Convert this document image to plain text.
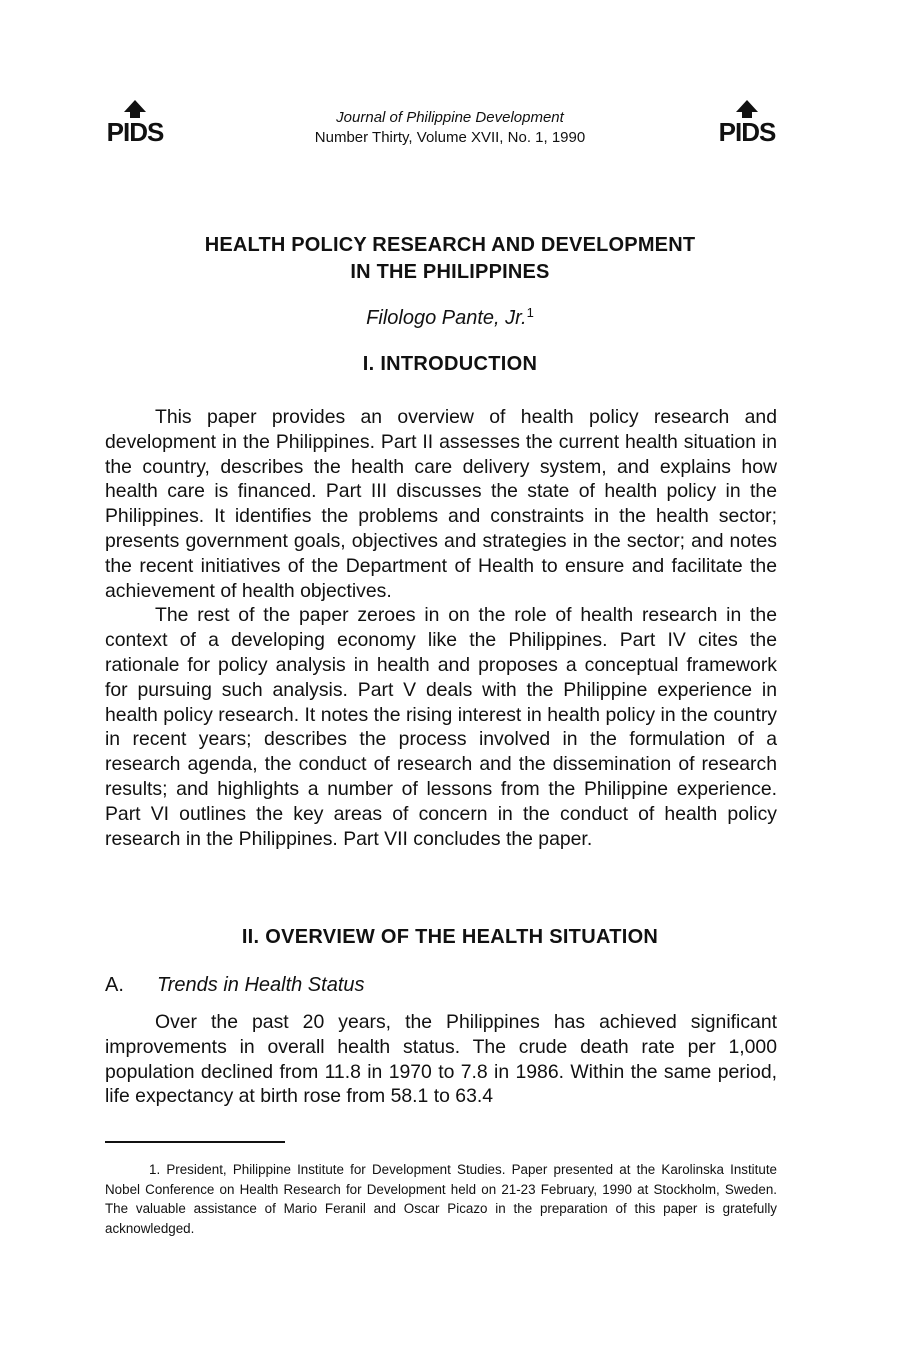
PIDS	Journal of Philippine Development
Number Thirty, Volume XVII, No. 1, 1990	PIDS
HEALTH POLICY RESEARCH AND DEVELOPMENT
IN THE PHILIPPINES
Filologo Pante, Jr.$^1$
I. INTRODUCTION

This paper provides an overview of health policy research and development in the Philippines. Part II assesses the current health situation in the country, describes the health care delivery system, and explains how health care is financed. Part III discusses the state of health policy in the Philippines. It identifies the problems and constraints in the health sector; presents government goals, objectives and strategies in the sector; and notes the recent initiatives of the Department of Health to ensure and facilitate the achievement of health objectives.

The rest of the paper zeroes in on the role of health research in the context of a developing economy like the Philippines. Part IV cites the rationale for policy analysis in health and proposes a conceptual framework for pursuing such analysis. Part V deals with the Philippine experience in health policy research. It notes the rising interest in health policy in the country in recent years; describes the process involved in the formulation of a research agenda, the conduct of research and the dissemination of research results; and highlights a number of lessons from the Philippine experience. Part VI outlines the key areas of concern in the conduct of health policy research in the Philippines. Part VII concludes the paper.

II. OVERVIEW OF THE HEALTH SITUATION
A. Trends in Health Status

Over the past 20 years, the Philippines has achieved significant improvements in overall health status. The crude death rate per 1,000 population declined from 11.8 in 1970 to 7.8 in 1986. Within the same period, life expectancy at birth rose from 58.1 to 63.4

1. President, Philippine Institute for Development Studies. Paper presented at the Karolinska Institute Nobel Conference on Health Research for Development held on 21-23 February, 1990 at Stockholm, Sweden. The valuable assistance of Mario Feranil and Oscar Picazo in the preparation of this paper is gratefully acknowledged.
